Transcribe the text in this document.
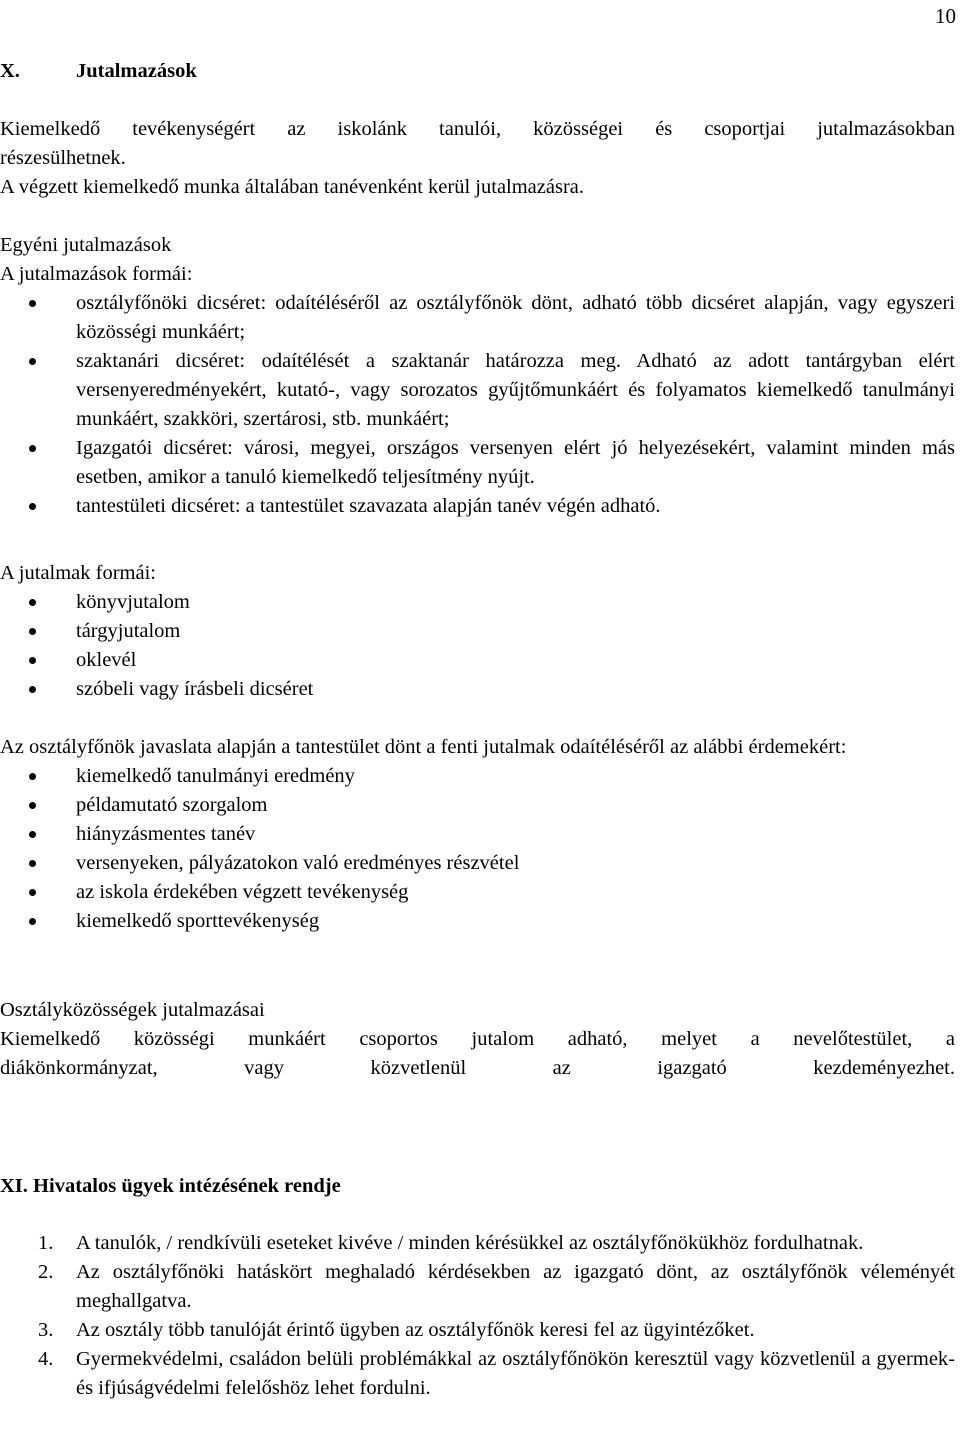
10
X.	Jutalmazások
Kiemelkedő tevékenységért az iskolánk tanulói, közösségei és csoportjai jutalmazásokban
részesülhetnek.
A végzett kiemelkedő munka általában tanévenként kerül jutalmazásra.
Egyéni jutalmazások
A jutalmazások formái:
osztályfőnöki dicséret: odaítéléséről az osztályfőnök dönt, adható több dicséret alapján, vagy egyszeri közösségi munkáért;
szaktanári dicséret: odaítélését a szaktanár határozza meg. Adható az adott tantárgyban elért versenyeredményekért, kutató-, vagy sorozatos gyűjtőmunkáért és folyamatos kiemelkedő tanulmányi munkáért, szakköri, szertárosi, stb. munkáért;
Igazgatói dicséret: városi, megyei, országos versenyen elért jó helyezésekért, valamint minden más esetben, amikor a tanuló kiemelkedő teljesítmény nyújt.
tantestületi dicséret: a tantestület szavazata alapján tanév végén adható.
A jutalmak formái:
könyvjutalom
tárgyjutalom
oklevél
szóbeli vagy írásbeli dicséret
Az osztályfőnök javaslata alapján a tantestület dönt a fenti jutalmak odaítéléséről az alábbi érdemekért:
kiemelkedő tanulmányi eredmény
példamutató szorgalom
hiányzásmentes tanév
versenyeken, pályázatokon való eredményes részvétel
az iskola érdekében végzett tevékenység
kiemelkedő sporttevékenység
Osztályközösségek jutalmazásai
Kiemelkedő közösségi munkáért csoportos jutalom adható, melyet a nevelőtestület, a
diákönkormányzat, vagy közvetlenül az igazgató kezdeményezhet.
XI. Hivatalos ügyek intézésének rendje
1. A tanulók, / rendkívüli eseteket kivéve / minden kérésükkel az osztályfőnökükhöz fordulhatnak.
2. Az osztályfőnöki hatáskört meghaladó kérdésekben az igazgató dönt, az osztályfőnök véleményét meghallgatva.
3. Az osztály több tanulóját érintő ügyben az osztályfőnök keresi fel az ügyintézőket.
4. Gyermekvédelmi, családon belüli problémákkal az osztályfőnökön keresztül vagy közvetlenül a gyermek- és ifjúságvédelmi felelőshöz lehet fordulni.
